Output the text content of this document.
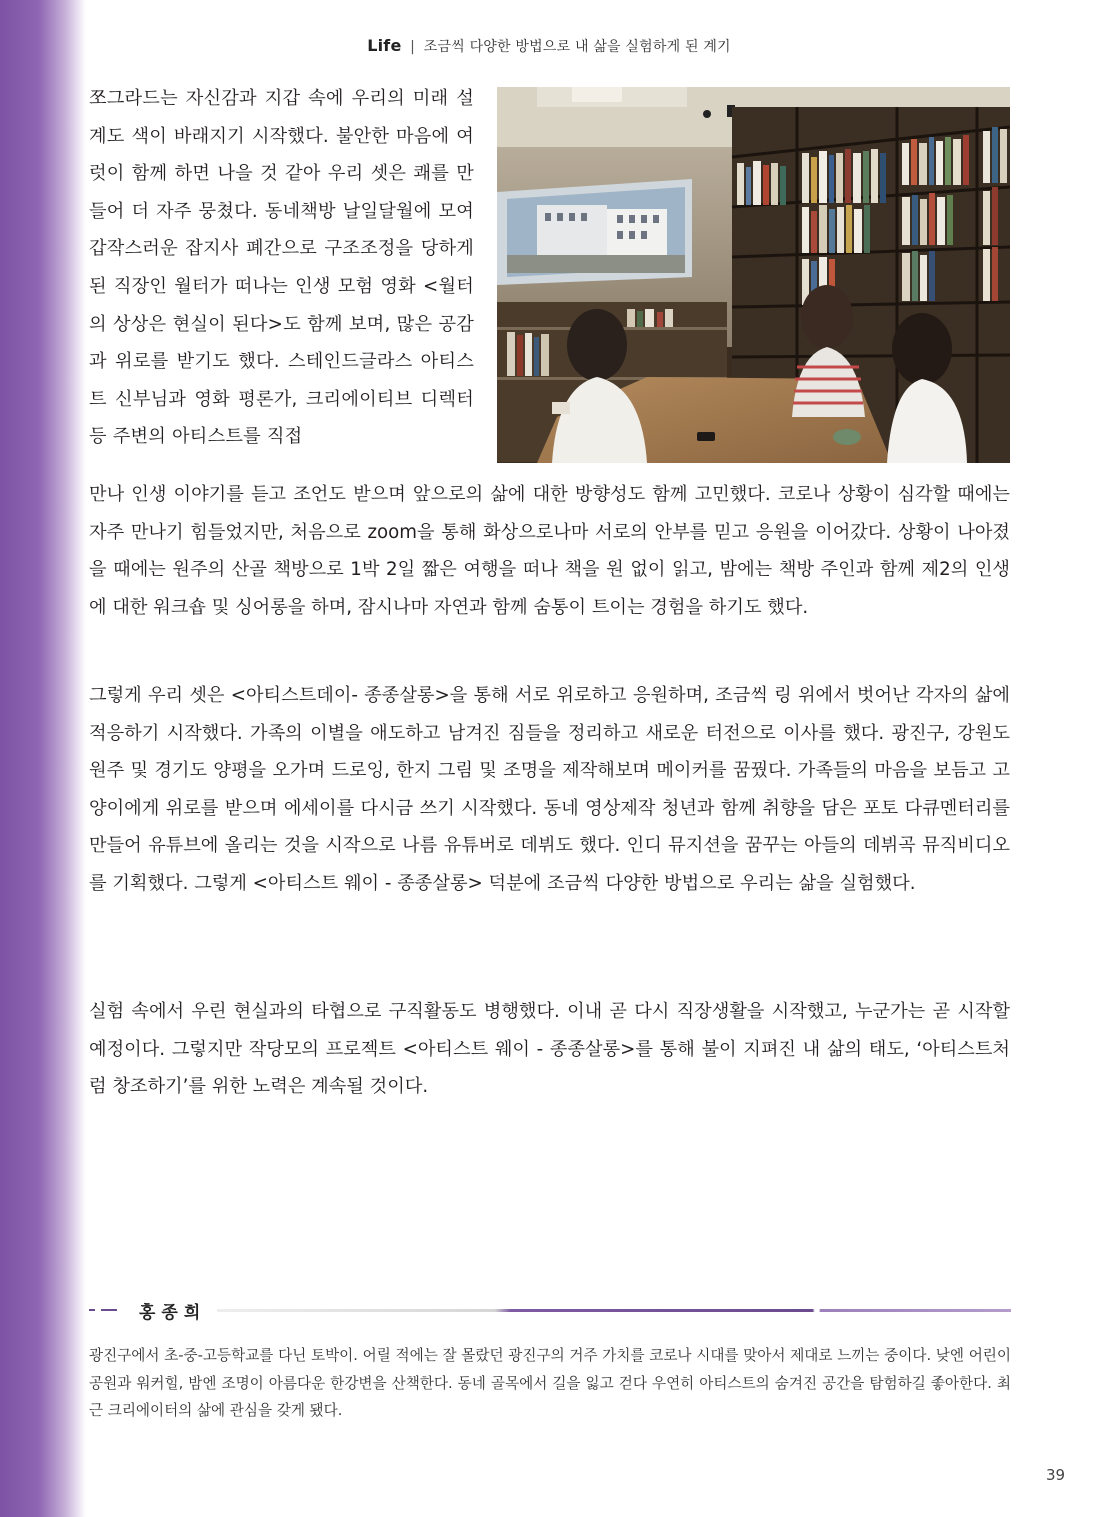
Life | 조금씩 다양한 방법으로 내 삶을 실험하게 된 계기

쪼그라드는 자신감과 지갑 속에 우리의 미래 설계도 색이 바래지기 시작했다. 불안한 마음에 여럿이 함께 하면 나을 것 같아 우리 셋은 쾌를 만들어 더 자주 뭉쳤다. 동네책방 날일달월에 모여 갑작스러운 잡지사 폐간으로 구조조정을 당하게 된 직장인 월터가 떠나는 인생 모험 영화 <월터의 상상은 현실이 된다>도 함께 보며, 많은 공감과 위로를 받기도 했다. 스테인드글라스 아티스트 신부님과 영화 평론가, 크리에이티브 디렉터 등 주변의 아티스트를 직접

만나 인생 이야기를 듣고 조언도 받으며 앞으로의 삶에 대한 방향성도 함께 고민했다. 코로나 상황이 심각할 때에는 자주 만나기 힘들었지만, 처음으로 zoom을 통해 화상으로나마 서로의 안부를 믿고 응원을 이어갔다. 상황이 나아졌을 때에는 원주의 산골 책방으로 1박 2일 짧은 여행을 떠나 책을 원 없이 읽고, 밤에는 책방 주인과 함께 제2의 인생에 대한 워크숍 및 싱어롱을 하며, 잠시나마 자연과 함께 숨통이 트이는 경험을 하기도 했다.

그렇게 우리 셋은 <아티스트데이- 종종살롱>을 통해 서로 위로하고 응원하며, 조금씩 링 위에서 벗어난 각자의 삶에 적응하기 시작했다. 가족의 이별을 애도하고 남겨진 짐들을 정리하고 새로운 터전으로 이사를 했다. 광진구, 강원도 원주 및 경기도 양평을 오가며 드로잉, 한지 그림 및 조명을 제작해보며 메이커를 꿈꿨다. 가족들의 마음을 보듬고 고양이에게 위로를 받으며 에세이를 다시금 쓰기 시작했다. 동네 영상제작 청년과 함께 취향을 담은 포토 다큐멘터리를 만들어 유튜브에 올리는 것을 시작으로 나름 유튜버로 데뷔도 했다. 인디 뮤지션을 꿈꾸는 아들의 데뷔곡 뮤직비디오를 기획했다. 그렇게 <아티스트 웨이 - 종종살롱> 덕분에 조금씩 다양한 방법으로 우리는 삶을 실험했다.

실험 속에서 우린 현실과의 타협으로 구직활동도 병행했다. 이내 곧 다시 직장생활을 시작했고, 누군가는 곧 시작할 예정이다. 그렇지만 작당모의 프로젝트 <아티스트 웨이 - 종종살롱>를 통해 불이 지펴진 내 삶의 태도, ‘아티스트처럼 창조하기’를 위한 노력은 계속될 것이다.

홍종희

광진구에서 초-중-고등학교를 다닌 토박이. 어릴 적에는 잘 몰랐던 광진구의 거주 가치를 코로나 시대를 맞아서 제대로 느끼는 중이다. 낮엔 어린이공원과 워커힐, 밤엔 조명이 아름다운 한강변을 산책한다. 동네 골목에서 길을 잃고 걷다 우연히 아티스트의 숨겨진 공간을 탐험하길 좋아한다. 최근 크리에이터의 삶에 관심을 갖게 됐다.

39
